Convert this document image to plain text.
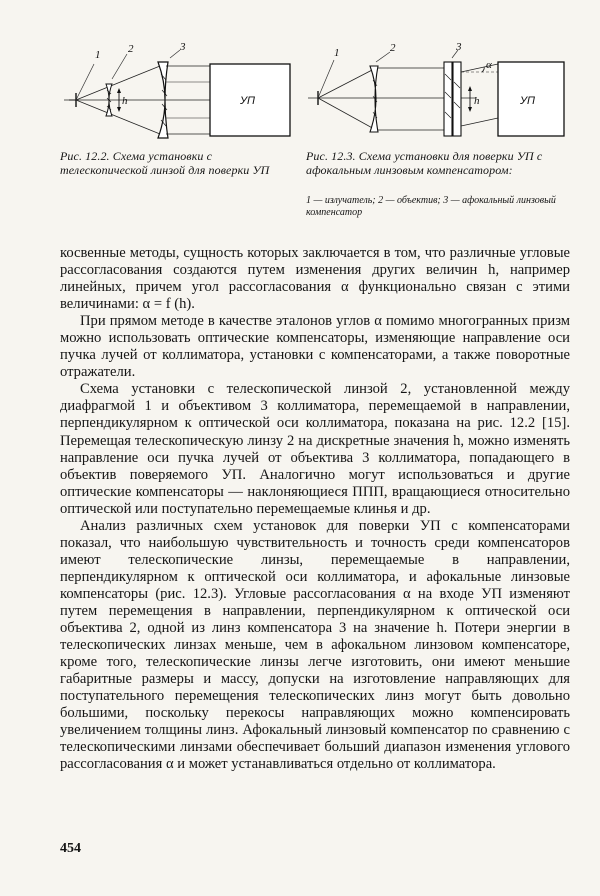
1	2	3
h	УП
Рис. 12.2. Схема установки с телескопической линзой для поверки УП
1	2	3
h
α
УП
Рис. 12.3. Схема установки для поверки УП с афокальным линзовым компенсатором:
1 — излучатель; 2 — объектив; 3 — афокальный линзовый компенсатор

косвенные методы, сущность которых заключается в том, что различные угловые рассогласования создаются путем изменения других величин h, например линейных, причем угол рассогласования α функционально связан с этими величинами: α = f (h).

При прямом методе в качестве эталонов углов α помимо многогранных призм можно использовать оптические компенсаторы, изменяющие направление оси пучка лучей от коллиматора, установки с компенсаторами, а также поворотные отражатели.

Схема установки с телескопической линзой 2, установленной между диафрагмой 1 и объективом 3 коллиматора, перемещаемой в направлении, перпендикулярном к оптической оси коллиматора, показана на рис. 12.2 [15]. Перемещая телескопическую линзу 2 на дискретные значения h, можно изменять направление оси пучка лучей от объектива 3 коллиматора, попадающего в объектив поверяемого УП. Аналогично могут использоваться и другие оптические компенсаторы — наклоняющиеся ППП, вращающиеся относительно оптической или поступательно перемещаемые клинья и др.

Анализ различных схем установок для поверки УП с компенсаторами показал, что наибольшую чувствительность и точность среди компенсаторов имеют телескопические линзы, перемещаемые в направлении, перпендикулярном к оптической оси коллиматора, и афокальные линзовые компенсаторы (рис. 12.3). Угловые рассогласования α на входе УП изменяют путем перемещения в направлении, перпендикулярном к оптической оси объектива 2, одной из линз компенсатора 3 на значение h. Потери энергии в телескопических линзах меньше, чем в афокальном линзовом компенсаторе, кроме того, телескопические линзы легче изготовить, они имеют меньшие габаритные размеры и массу, допуски на изготовление направляющих для поступательного перемещения телескопических линз могут быть довольно большими, поскольку перекосы направляющих можно компенсировать увеличением толщины линз. Афокальный линзовый компенсатор по сравнению с телескопическими линзами обеспечивает больший диапазон изменения углового рассогласования α и может устанавливаться отдельно от коллиматора.

454
